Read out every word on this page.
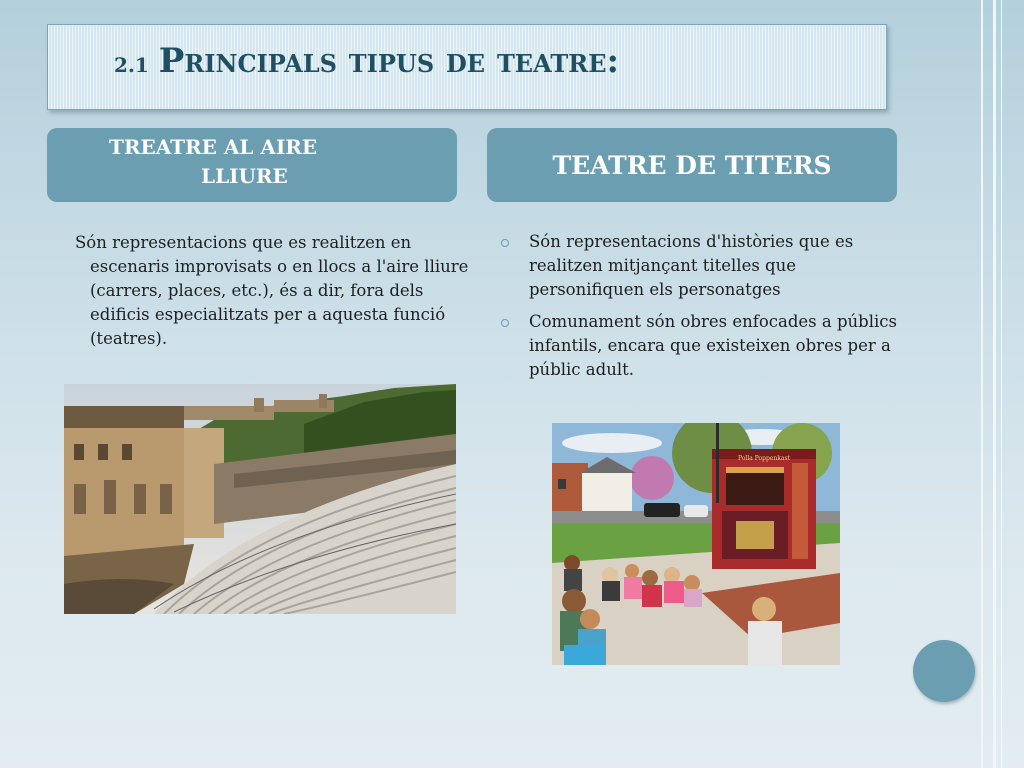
2.1 Principals tipus de teatre:
TREATRE AL AIRE
LLIURE	TEATRE DE TITERS
Són representacions que es realitzen en escenaris improvisats o en llocs a l'aire lliure (carrers, places, etc.), és a dir, fora dels edificis especialitzats per a aquesta funció (teatres).
Són representacions d'històries que es realitzen mitjançant titelles que personifiquen els personatges
Comunament són obres enfocades a públics infantils, encara que existeixen obres per a públic adult.
Polla Poppenkast
